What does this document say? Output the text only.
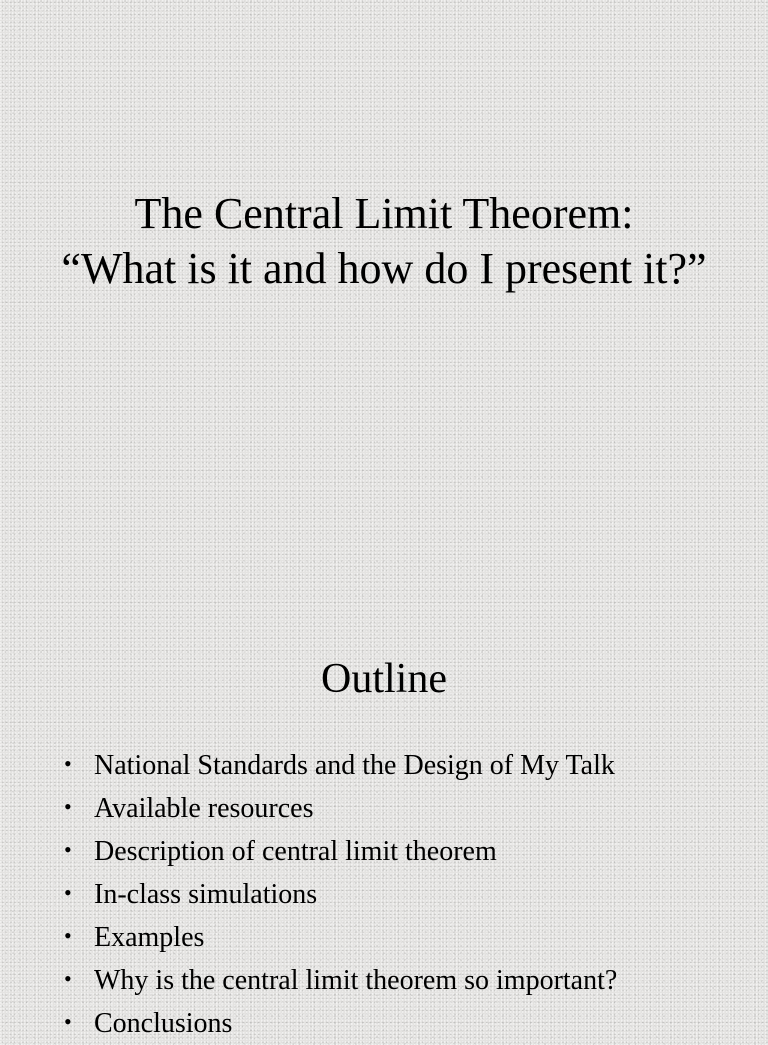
The Central Limit Theorem:
“What is it and how do I present it?”
Outline
• National Standards and the Design of My Talk
• Available resources
• Description of central limit theorem
• In-class simulations
• Examples
• Why is the central limit theorem so important?
• Conclusions
